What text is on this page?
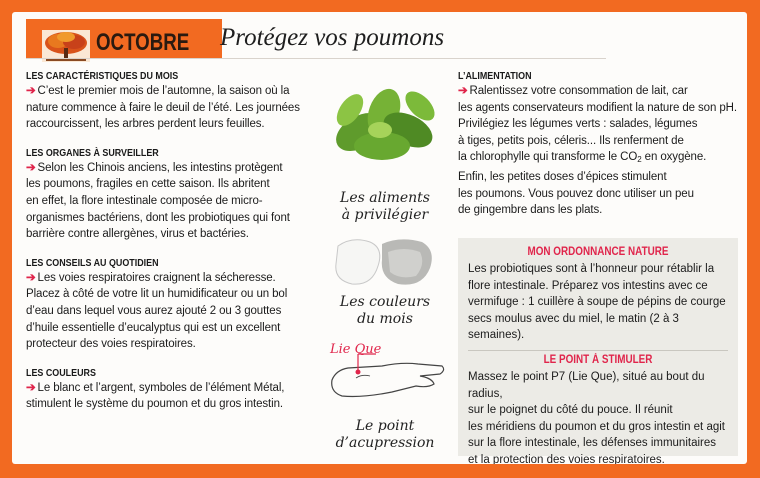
OCTOBRE Protégez vos poumons
LES CARACTÉRISTIQUES DU MOIS
➔ C’est le premier mois de l’automne, la saison où la
nature commence à faire le deuil de l’été. Les journées
raccourcissent, les arbres perdent leurs feuilles.
LES ORGANES À SURVEILLER
➔ Selon les Chinois anciens, les intestins protègent
les poumons, fragiles en cette saison. Ils abritent
en effet, la flore intestinale composée de micro-
organismes bactériens, dont les probiotiques qui font
barrière contre allergènes, virus et bactéries.
LES CONSEILS AU QUOTIDIEN
➔ Les voies respiratoires craignent la sécheresse.
Placez à côté de votre lit un humidificateur ou un bol
d’eau dans lequel vous aurez ajouté 2 ou 3 gouttes
d’huile essentielle d’eucalyptus qui est un excellent
protecteur des voies respiratoires.
LES COULEURS
➔ Le blanc et l’argent, symboles de l’élément Métal,
stimulent le système du poumon et du gros intestin.
Les aliments
à privilégier
Les couleurs
du mois
Lie Que
Le point
d’acupression
L’ALIMENTATION
➔ Ralentissez votre consommation de lait, car
les agents conservateurs modifient la nature de son pH.
Privilégiez les légumes verts : salades, légumes
à tiges, petits pois, céleris... Ils renferment de
la chlorophylle qui transforme le $CO_2$ en oxygène.
Enfin, les petites doses d’épices stimulent
les poumons. Vous pouvez donc utiliser un peu
de gingembre dans les plats.
MON ORDONNANCE NATURE
Les probiotiques sont à l’honneur pour rétablir la
flore intestinale. Préparez vos intestins avec ce
vermifuge : 1 cuillère à soupe de pépins de courge
secs moulus avec du miel, le matin (2 à 3 semaines).
LE POINT À STIMULER
Massez le point P7 (Lie Que), situé au bout du radius,
sur le poignet du côté du pouce. Il réunit
les méridiens du poumon et du gros intestin et agit
sur la flore intestinale, les défenses immunitaires
et la protection des voies respiratoires.
